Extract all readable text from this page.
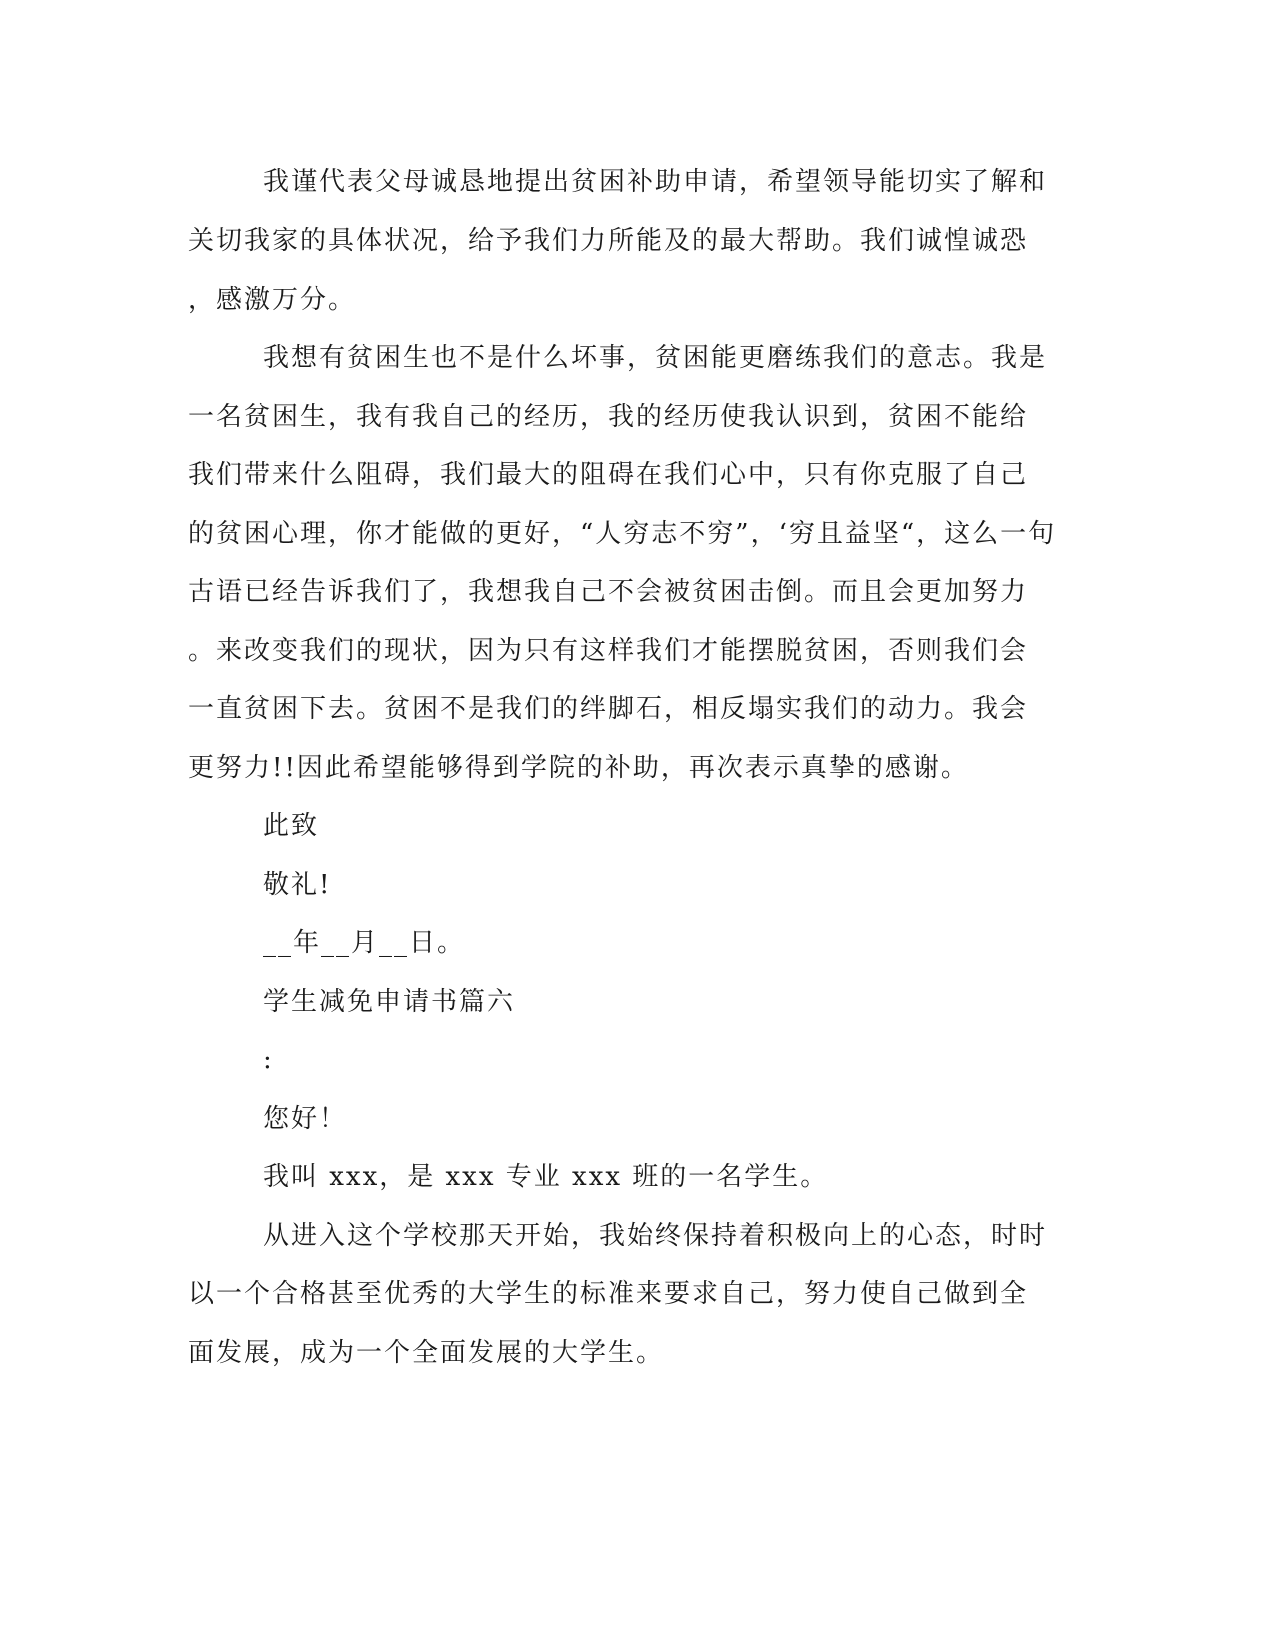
我谨代表父母诚恳地提出贫困补助申请，希望领导能切实了解和
关切我家的具体状况，给予我们力所能及的最大帮助。我们诚惶诚恐
，感激万分。
我想有贫困生也不是什么坏事，贫困能更磨练我们的意志。我是
一名贫困生，我有我自己的经历，我的经历使我认识到，贫困不能给
我们带来什么阻碍，我们最大的阻碍在我们心中，只有你克服了自己
的贫困心理，你才能做的更好，“人穷志不穷”，‘穷且益坚“，这么一句
古语已经告诉我们了，我想我自己不会被贫困击倒。而且会更加努力
。来改变我们的现状，因为只有这样我们才能摆脱贫困，否则我们会
一直贫困下去。贫困不是我们的绊脚石，相反塌实我们的动力。我会
更努力!!因此希望能够得到学院的补助，再次表示真挚的感谢。
此致
敬礼!
__年__月__日。
学生减免申请书篇六
:
您好！
我叫 xxx，是 xxx 专业 xxx 班的一名学生。
从进入这个学校那天开始，我始终保持着积极向上的心态，时时
以一个合格甚至优秀的大学生的标准来要求自己，努力使自己做到全
面发展，成为一个全面发展的大学生。
